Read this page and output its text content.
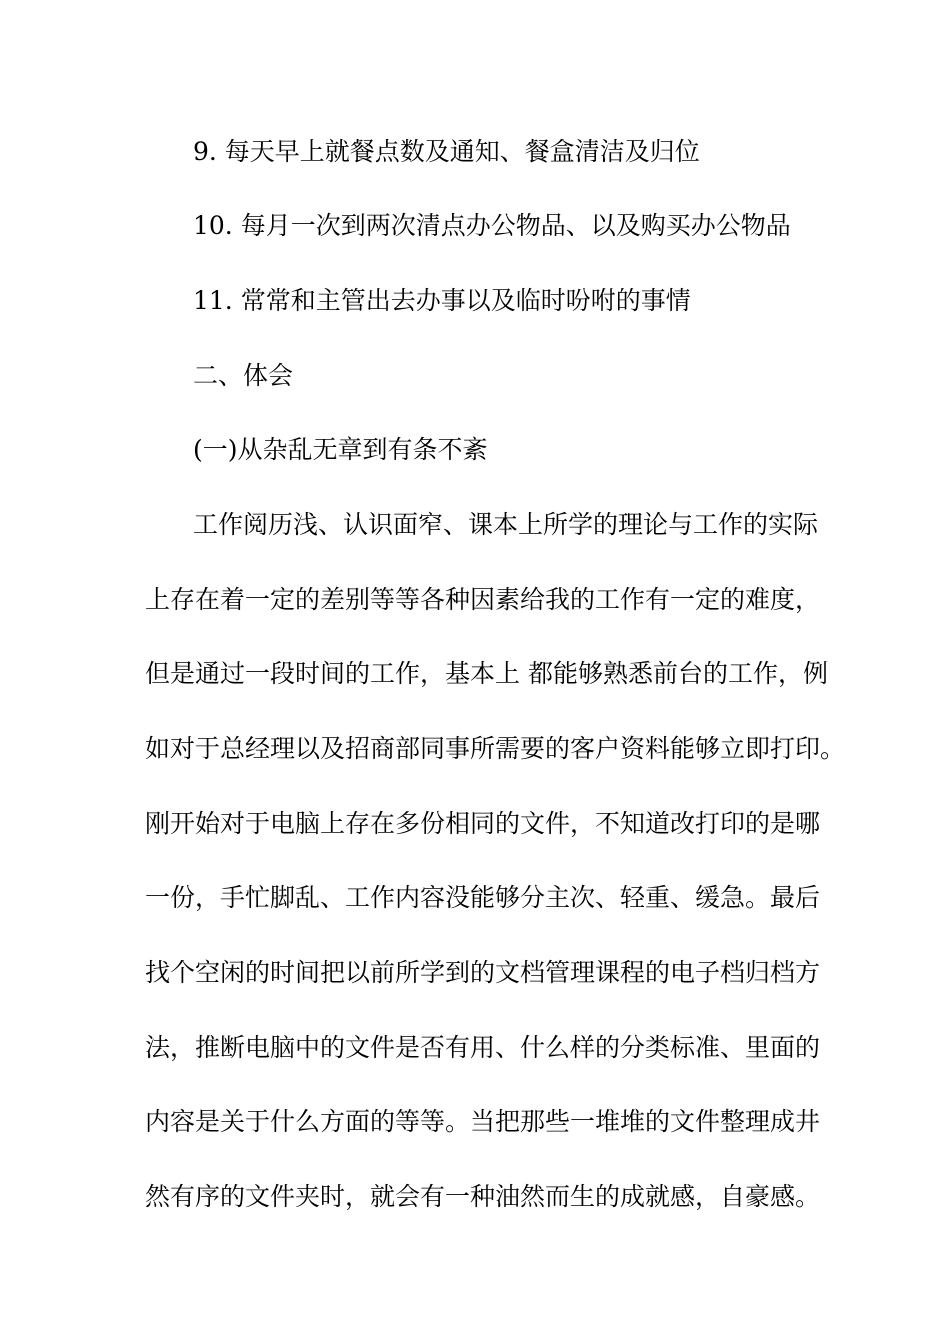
9. 每天早上就餐点数及通知、餐盒清洁及归位
10. 每月一次到两次清点办公物品、以及购买办公物品
11. 常常和主管出去办事以及临时吩咐的事情
二、体会
(一)从杂乱无章到有条不紊
工作阅历浅、认识面窄、课本上所学的理论与工作的实际
上存在着一定的差别等等各种因素给我的工作有一定的难度，
但是通过一段时间的工作，基本上 都能够熟悉前台的工作，例
如对于总经理以及招商部同事所需要的客户资料能够立即打印。
刚开始对于电脑上存在多份相同的文件，不知道改打印的是哪
一份，手忙脚乱、工作内容没能够分主次、轻重、缓急。最后
找个空闲的时间把以前所学到的文档管理课程的电子档归档方
法，推断电脑中的文件是否有用、什么样的分类标准、里面的
内容是关于什么方面的等等。当把那些一堆堆的文件整理成井
然有序的文件夹时，就会有一种油然而生的成就感，自豪感。
